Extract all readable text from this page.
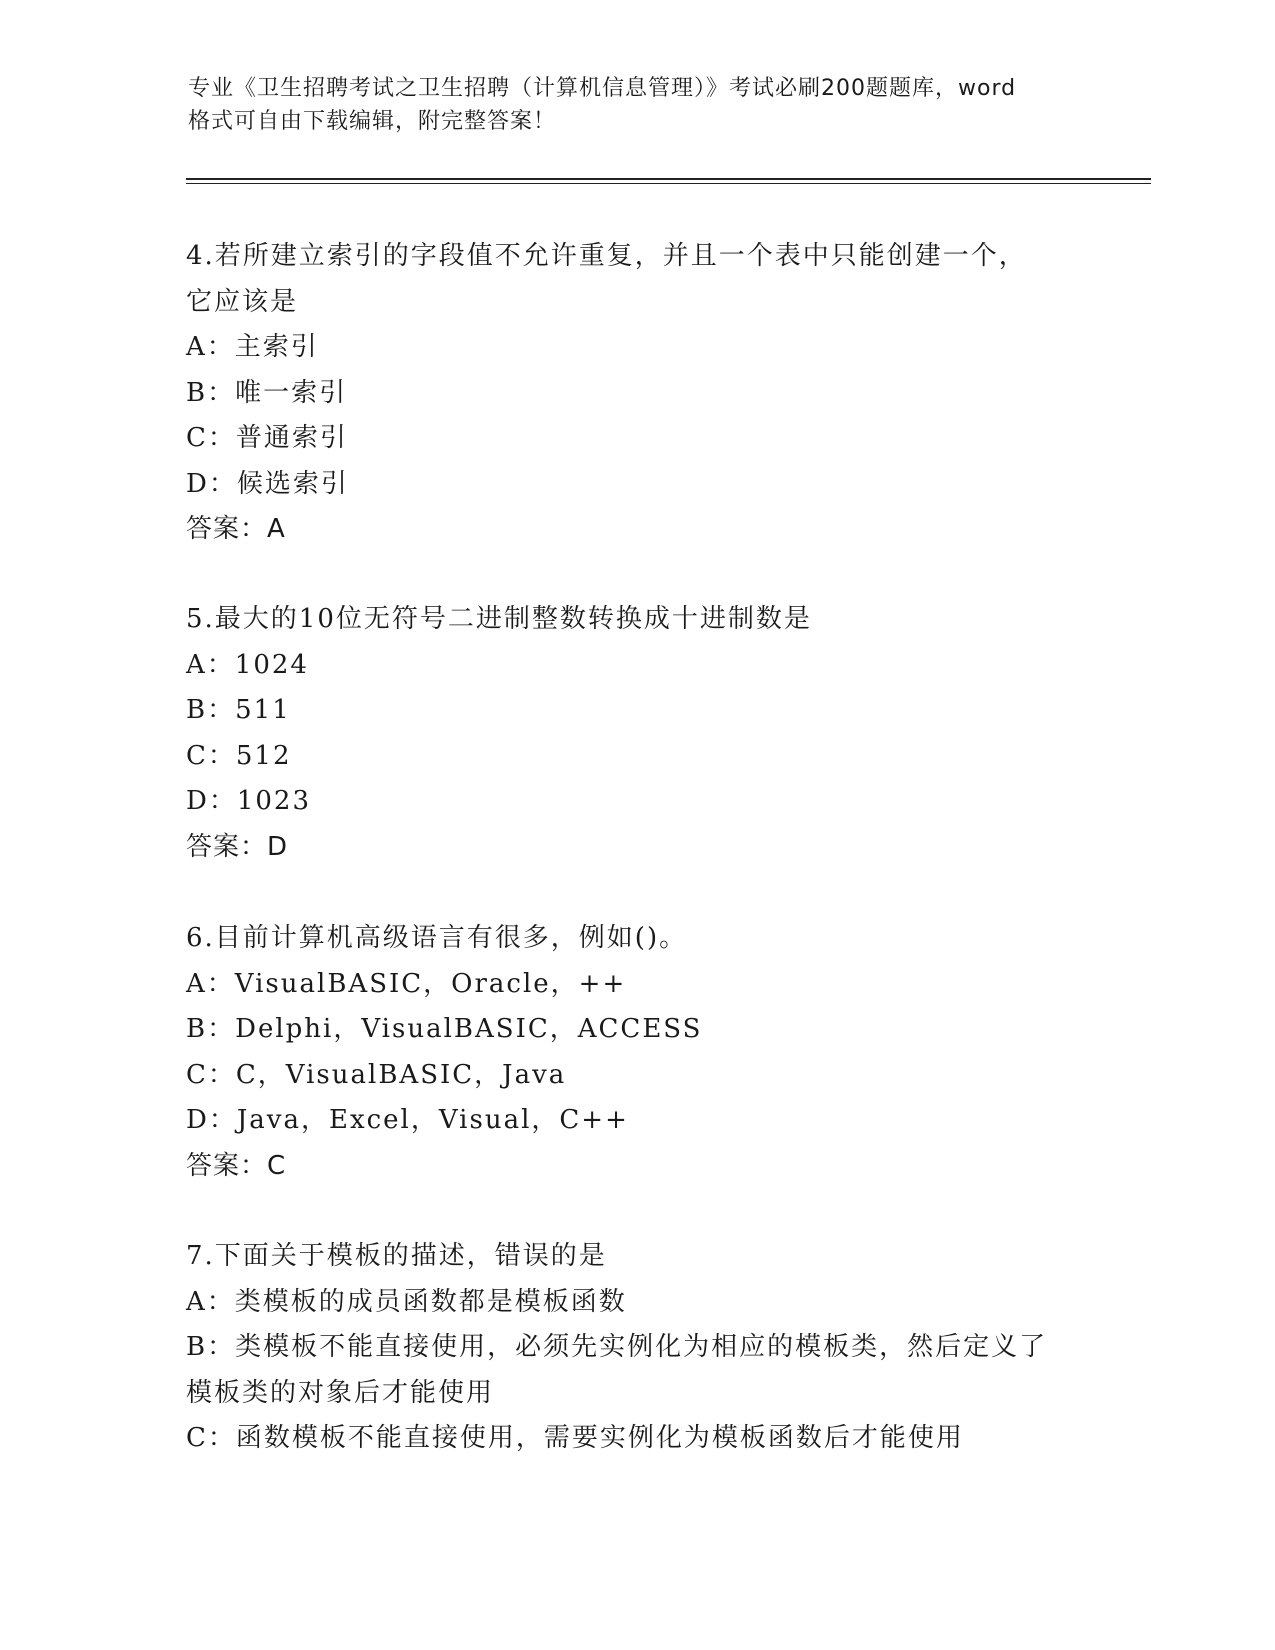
专业《卫生招聘考试之卫生招聘（计算机信息管理）》考试必刷200题题库，word
格式可自由下载编辑，附完整答案！
4.若所建立索引的字段值不允许重复，并且一个表中只能创建一个，
它应该是
A：主索引
B：唯一索引
C：普通索引
D：候选索引
答案：A
5.最大的10位无符号二进制整数转换成十进制数是
A：1024
B：511
C：512
D：1023
答案：D
6.目前计算机高级语言有很多，例如()。
A：VisualBASIC，Oracle，++
B：Delphi，VisualBASIC，ACCESS
C：C，VisualBASIC，Java
D：Java，Excel，Visual，C++
答案：C
7.下面关于模板的描述，错误的是
A：类模板的成员函数都是模板函数
B：类模板不能直接使用，必须先实例化为相应的模板类，然后定义了
模板类的对象后才能使用
C：函数模板不能直接使用，需要实例化为模板函数后才能使用
